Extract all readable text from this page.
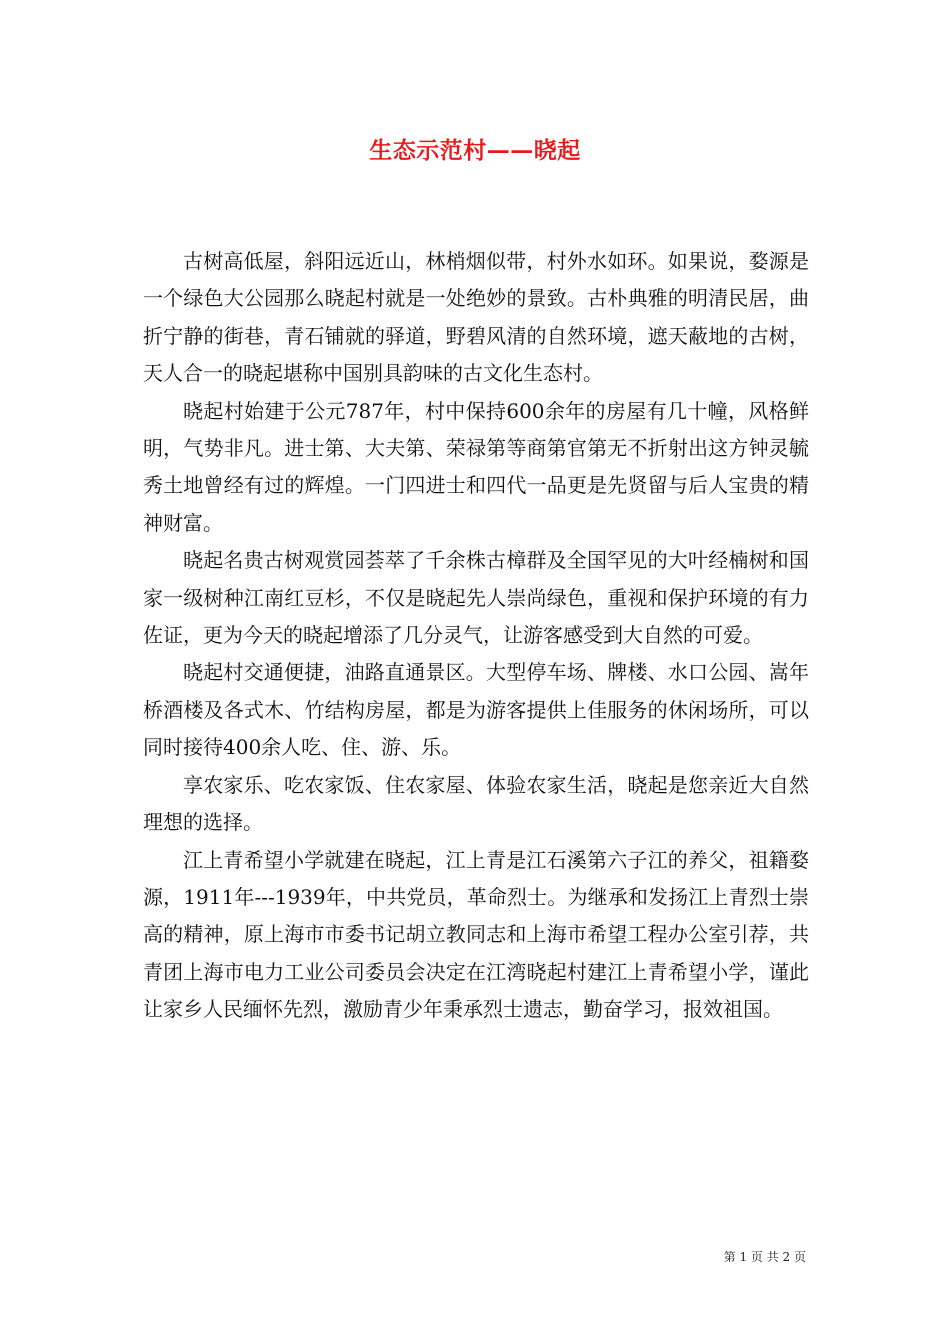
生态示范村——晓起

古树高低屋，斜阳远近山，林梢烟似带，村外水如环。如果说，婺源是一个绿色大公园那么晓起村就是一处绝妙的景致。古朴典雅的明清民居，曲折宁静的街巷，青石铺就的驿道，野碧风清的自然环境，遮天蔽地的古树，天人合一的晓起堪称中国别具韵味的古文化生态村。

晓起村始建于公元787年，村中保持600余年的房屋有几十幢，风格鲜明，气势非凡。进士第、大夫第、荣禄第等商第官第无不折射出这方钟灵毓秀土地曾经有过的辉煌。一门四进士和四代一品更是先贤留与后人宝贵的精神财富。

晓起名贵古树观赏园荟萃了千余株古樟群及全国罕见的大叶经楠树和国家一级树种江南红豆杉，不仅是晓起先人崇尚绿色，重视和保护环境的有力佐证，更为今天的晓起增添了几分灵气，让游客感受到大自然的可爱。

晓起村交通便捷，油路直通景区。大型停车场、牌楼、水口公园、嵩年桥酒楼及各式木、竹结构房屋，都是为游客提供上佳服务的休闲场所，可以同时接待400余人吃、住、游、乐。

享农家乐、吃农家饭、住农家屋、体验农家生活，晓起是您亲近大自然理想的选择。

江上青希望小学就建在晓起，江上青是江石溪第六子江的养父，祖籍婺源，1911年---1939年，中共党员，革命烈士。为继承和发扬江上青烈士崇高的精神，原上海市市委书记胡立教同志和上海市希望工程办公室引荐，共青团上海市电力工业公司委员会决定在江湾晓起村建江上青希望小学，谨此让家乡人民缅怀先烈，激励青少年秉承烈士遗志，勤奋学习，报效祖国。

第 1 页 共 2 页
